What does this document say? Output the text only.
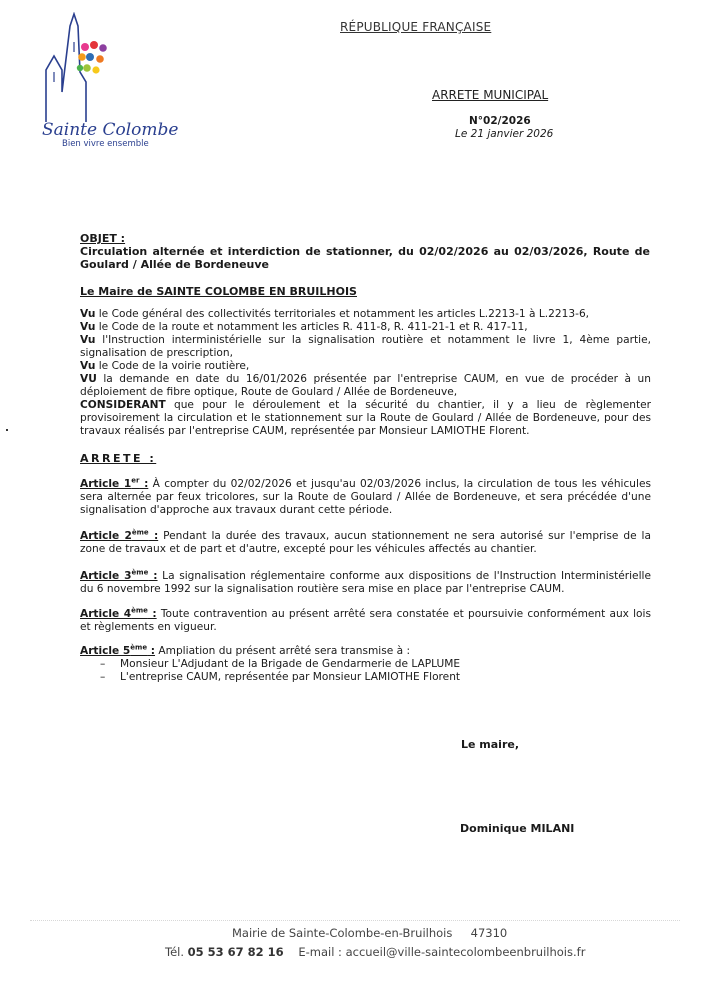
RÉPUBLIQUE FRANÇAISE
Sainte Colombe
Bien vivre ensemble
ARRETE MUNICIPAL
N°02/2026
Le 21 janvier 2026
OBJET :
Circulation alternée et interdiction de stationner, du 02/02/2026 au 02/03/2026, Route de Goulard / Allée de Bordeneuve
Le Maire de SAINTE COLOMBE EN BRUILHOIS

Vu le Code général des collectivités territoriales et notamment les articles L.2213-1 à L.2213-6,

Vu le Code de la route et notamment les articles R. 411-8, R. 411-21-1 et R. 417-11,

Vu l'Instruction interministérielle sur la signalisation routière et notamment le livre 1, 4ème partie, signalisation de prescription,

Vu le Code de la voirie routière,

VU la demande en date du 16/01/2026 présentée par l'entreprise CAUM, en vue de procéder à un déploiement de fibre optique, Route de Goulard / Allée de Bordeneuve,

CONSIDERANT que pour le déroulement et la sécurité du chantier, il y a lieu de règlementer provisoirement la circulation et le stationnement sur la Route de Goulard / Allée de Bordeneuve, pour des travaux réalisés par l'entreprise CAUM, représentée par Monsieur LAMIOTHE Florent.

ARRETE :

Article 1er : À compter du 02/02/2026 et jusqu'au 02/03/2026 inclus, la circulation de tous les véhicules sera alternée par feux tricolores, sur la Route de Goulard / Allée de Bordeneuve, et sera précédée d'une signalisation d'approche aux travaux durant cette période.

Article 2ème : Pendant la durée des travaux, aucun stationnement ne sera autorisé sur l'emprise de la zone de travaux et de part et d'autre, excepté pour les véhicules affectés au chantier.

Article 3ème : La signalisation réglementaire conforme aux dispositions de l'Instruction Interministérielle du 6 novembre 1992 sur la signalisation routière sera mise en place par l'entreprise CAUM.

Article 4ème : Toute contravention au présent arrêté sera constatée et poursuivie conformément aux lois et règlements en vigueur.

Article 5ème : Ampliation du présent arrêté sera transmise à :

– Monsieur L'Adjudant de la Brigade de Gendarmerie de LAPLUME

– L'entreprise CAUM, représentée par Monsieur LAMIOTHE Florent

Le maire,
Dominique MILANI
Mairie de Sainte-Colombe-en-Bruilhois     47310
Tél. 05 53 67 82 16 E-mail : accueil@ville-saintecolombeenbruilhois.fr
